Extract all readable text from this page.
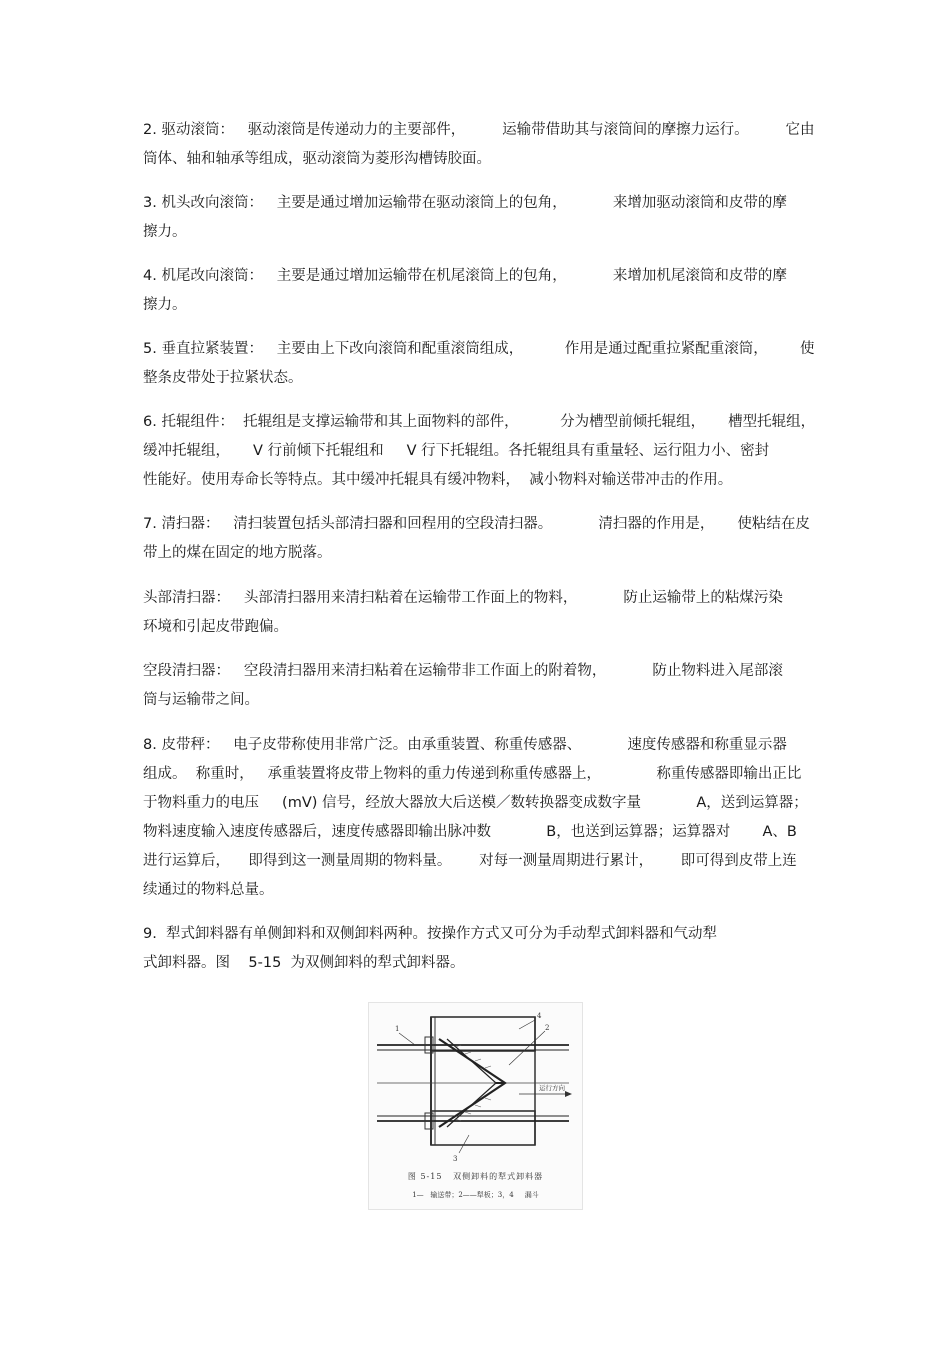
2. 驱动滚筒：   驱动滚筒是传递动力的主要部件，        运输带借助其与滚筒间的摩擦力运行。        它由
筒体、轴和轴承等组成，驱动滚筒为菱形沟槽铸胶面。
3. 机头改向滚筒：   主要是通过增加运输带在驱动滚筒上的包角，          来增加驱动滚筒和皮带的摩
擦力。
4. 机尾改向滚筒：   主要是通过增加运输带在机尾滚筒上的包角，          来增加机尾滚筒和皮带的摩
擦力。
5. 垂直拉紧装置：   主要由上下改向滚筒和配重滚筒组成，         作用是通过配重拉紧配重滚筒，       使
整条皮带处于拉紧状态。
6. 托辊组件：  托辊组是支撑运输带和其上面物料的部件，         分为槽型前倾托辊组，     槽型托辊组，
缓冲托辊组，     V 行前倾下托辊组和     V 行下托辊组。各托辊组具有重量轻、运行阻力小、密封
性能好。使用寿命长等特点。其中缓冲托辊具有缓冲物料，  减小物料对输送带冲击的作用。
7. 清扫器：   清扫装置包括头部清扫器和回程用的空段清扫器。          清扫器的作用是，     使粘结在皮
带上的煤在固定的地方脱落。
头部清扫器：   头部清扫器用来清扫粘着在运输带工作面上的物料，          防止运输带上的粘煤污染
环境和引起皮带跑偏。
空段清扫器：   空段清扫器用来清扫粘着在运输带非工作面上的附着物，          防止物料进入尾部滚
筒与运输带之间。
8. 皮带秤：   电子皮带称使用非常广泛。由承重装置、称重传感器、          速度传感器和称重显示器
组成。  称重时，   承重装置将皮带上物料的重力传递到称重传感器上，            称重传感器即输出正比
于物料重力的电压     (mV) 信号，经放大器放大后送模／数转换器变成数字量            A，送到运算器；
物料速度输入速度传感器后，速度传感器即输出脉冲数            B，也送到运算器；运算器对       A、B
进行运算后，    即得到这一测量周期的物料量。      对每一测量周期进行累计，      即可得到皮带上连
续通过的物料总量。
9.  犁式卸料器有单侧卸料和双侧卸料两种。按操作方式又可分为手动犁式卸料器和气动犁
式卸料器。图    5-15  为双侧卸料的犁式卸料器。
1
4
2
3
运行方向
图 5-15   双侧卸料的犁式卸料器
1—   输送带；2——犁板；3，4     漏斗
